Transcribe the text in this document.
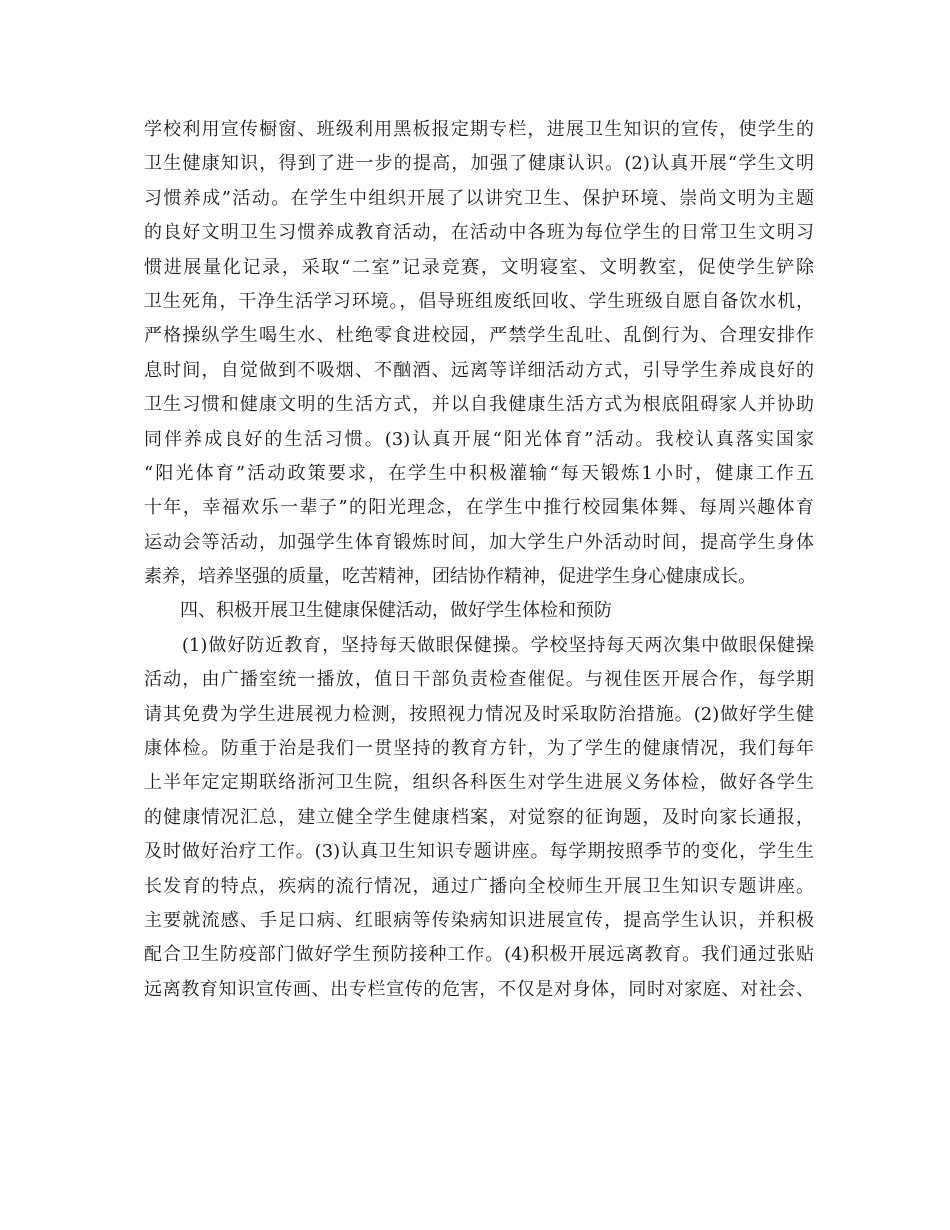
学校利用宣传橱窗、班级利用黑板报定期专栏，进展卫生知识的宣传，使学生的
卫生健康知识，得到了进一步的提高，加强了健康认识。(2)认真开展“学生文明
习惯养成”活动。在学生中组织开展了以讲究卫生、保护环境、崇尚文明为主题
的良好文明卫生习惯养成教育活动，在活动中各班为每位学生的日常卫生文明习
惯进展量化记录，采取“二室”记录竞赛，文明寝室、文明教室，促使学生铲除
卫生死角，干净生活学习环境。，倡导班组废纸回收、学生班级自愿自备饮水机，
严格操纵学生喝生水、杜绝零食进校园，严禁学生乱吐、乱倒行为、合理安排作
息时间，自觉做到不吸烟、不酗酒、远离等详细活动方式，引导学生养成良好的
卫生习惯和健康文明的生活方式，并以自我健康生活方式为根底阻碍家人并协助
同伴养成良好的生活习惯。(3)认真开展“阳光体育”活动。我校认真落实国家
“阳光体育”活动政策要求，在学生中积极灌输“每天锻炼1小时，健康工作五
十年，幸福欢乐一辈子”的阳光理念，在学生中推行校园集体舞、每周兴趣体育
运动会等活动，加强学生体育锻炼时间，加大学生户外活动时间，提高学生身体
素养，培养坚强的质量，吃苦精神，团结协作精神，促进学生身心健康成长。
　　四、积极开展卫生健康保健活动，做好学生体检和预防
　　(1)做好防近教育，坚持每天做眼保健操。学校坚持每天两次集中做眼保健操
活动，由广播室统一播放，值日干部负责检查催促。与视佳医开展合作，每学期
请其免费为学生进展视力检测，按照视力情况及时采取防治措施。(2)做好学生健
康体检。防重于治是我们一贯坚持的教育方针，为了学生的健康情况，我们每年
上半年定定期联络浙河卫生院，组织各科医生对学生进展义务体检，做好各学生
的健康情况汇总，建立健全学生健康档案，对觉察的征询题，及时向家长通报，
及时做好治疗工作。(3)认真卫生知识专题讲座。每学期按照季节的变化，学生生
长发育的特点，疾病的流行情况，通过广播向全校师生开展卫生知识专题讲座。
主要就流感、手足口病、红眼病等传染病知识进展宣传，提高学生认识，并积极
配合卫生防疫部门做好学生预防接种工作。(4)积极开展远离教育。我们通过张贴
远离教育知识宣传画、出专栏宣传的危害，不仅是对身体，同时对家庭、对社会、
